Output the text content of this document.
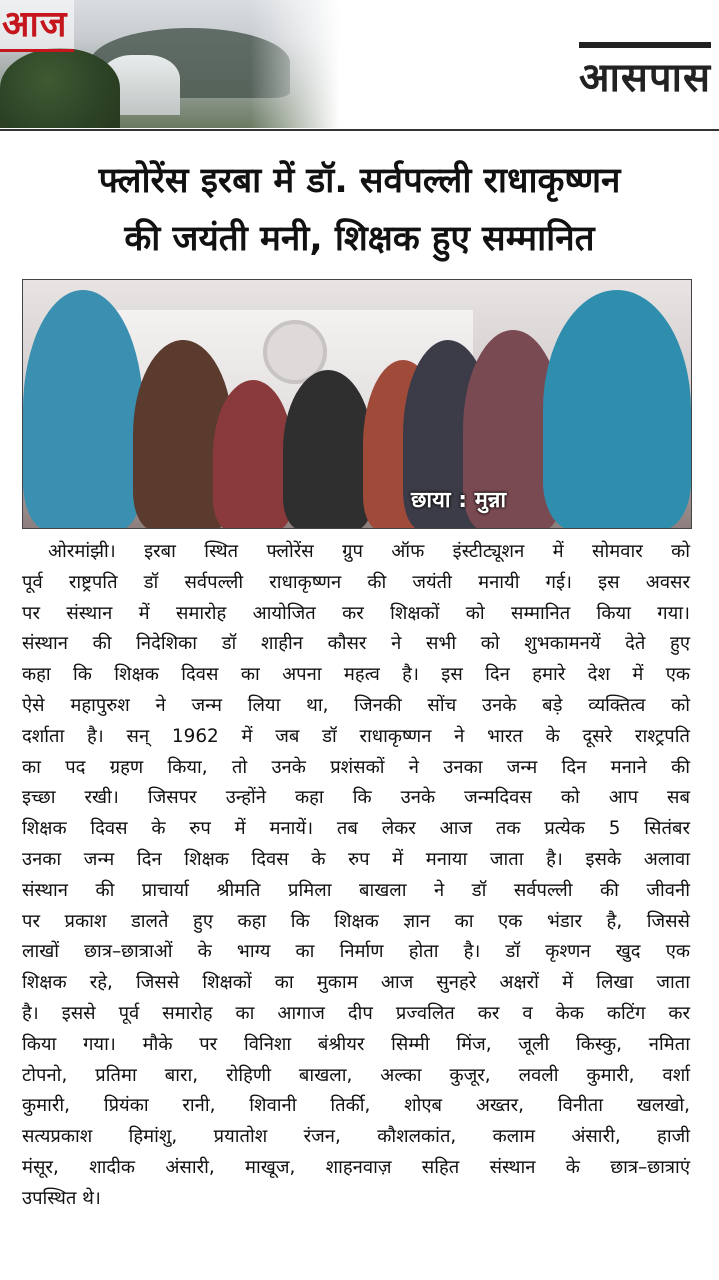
आज
आसपास
फ्लोरेंस इरबा में डॉ. सर्वपल्ली राधाकृष्णन
की जयंती मनी, शिक्षक हुए सम्मानित
छाया : मुन्ना
ओरमांझी। इरबा स्थित फ्लोरेंस ग्रुप ऑफ इंस्टीट्यूशन में सोमवार को
पूर्व राष्ट्रपति डॉ सर्वपल्ली राधाकृष्णन की जयंती मनायी गई। इस अवसर
पर संस्थान में समारोह आयोजित कर शिक्षकों को सम्मानित किया गया।
संस्थान की निदेशिका डॉ शाहीन कौसर ने सभी को शुभकामनयें देते हुए
कहा कि शिक्षक दिवस का अपना महत्व है। इस दिन हमारे देश में एक
ऐसे महापुरुश ने जन्म लिया था, जिनकी सोंच उनके बड़े व्यक्तित्व को
दर्शाता है। सन् 1962 में जब डॉ राधाकृष्णन ने भारत के दूसरे राश्ट्रपति
का पद ग्रहण किया, तो उनके प्रशंसकों ने उनका जन्म दिन मनाने की
इच्छा रखी। जिसपर उन्होंने कहा कि उनके जन्मदिवस को आप सब
शिक्षक दिवस के रुप में मनायें। तब लेकर आज तक प्रत्येक 5 सितंबर
उनका जन्म दिन शिक्षक दिवस के रुप में मनाया जाता है। इसके अलावा
संस्थान की प्राचार्या श्रीमति प्रमिला बाखला ने डॉ सर्वपल्ली की जीवनी
पर प्रकाश डालते हुए कहा कि शिक्षक ज्ञान का एक भंडार है, जिससे
लाखों छात्र–छात्राओं के भाग्य का निर्माण होता है। डॉ कृश्णन खुद एक
शिक्षक रहे, जिससे शिक्षकों का मुकाम आज सुनहरे अक्षरों में लिखा जाता
है। इससे पूर्व समारोह का आगाज दीप प्रज्वलित कर व केक कटिंग कर
किया गया। मौके पर विनिशा बंश्रीयर सिम्मी मिंज, जूली किस्कु, नमिता
टोपनो, प्रतिमा बारा, रोहिणी बाखला, अल्का कुजूर, लवली कुमारी, वर्शा
कुमारी, प्रियंका रानी, शिवानी तिर्की, शोएब अख्तर, विनीता खलखो,
सत्यप्रकाश हिमांशु, प्रयातोश रंजन, कौशलकांत, कलाम अंसारी, हाजी
मंसूर, शादीक अंसारी, माखूज, शाहनवाज़ सहित संस्थान के छात्र–छात्राएं
उपस्थित थे।
